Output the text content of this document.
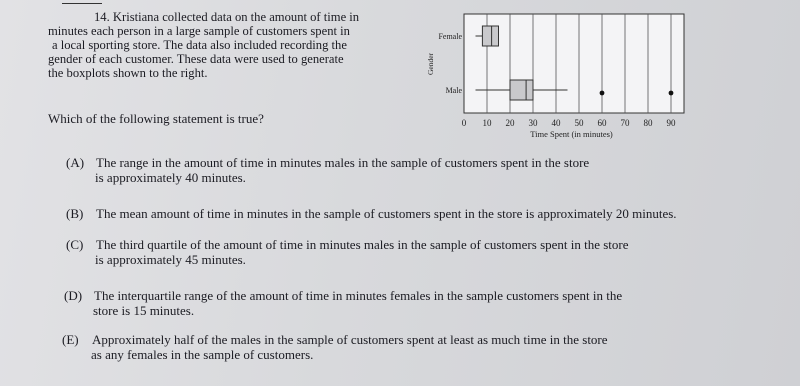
14. Kristiana collected data on the amount of time in
minutes each person in a large sample of customers spent in
a local sporting store. The data also included recording the
gender of each customer. These data were used to generate
the boxplots shown to the right.
Which of the following statement is true?
(A) The range in the amount of time in minutes males in the sample of customers spent in the store
is approximately 40 minutes.
(B) The mean amount of time in minutes in the sample of customers spent in the store is approximately 20 minutes.
(C) The third quartile of the amount of time in minutes males in the sample of customers spent in the store
is approximately 45 minutes.
(D) The interquartile range of the amount of time in minutes females in the sample customers spent in the
store is 15 minutes.
(E) Approximately half of the males in the sample of customers spent at least as much time in the store
as any females in the sample of customers.
0 10 20 30 40 50 60 70 80 90
Time Spent (in minutes)
Gender
Female
Male
